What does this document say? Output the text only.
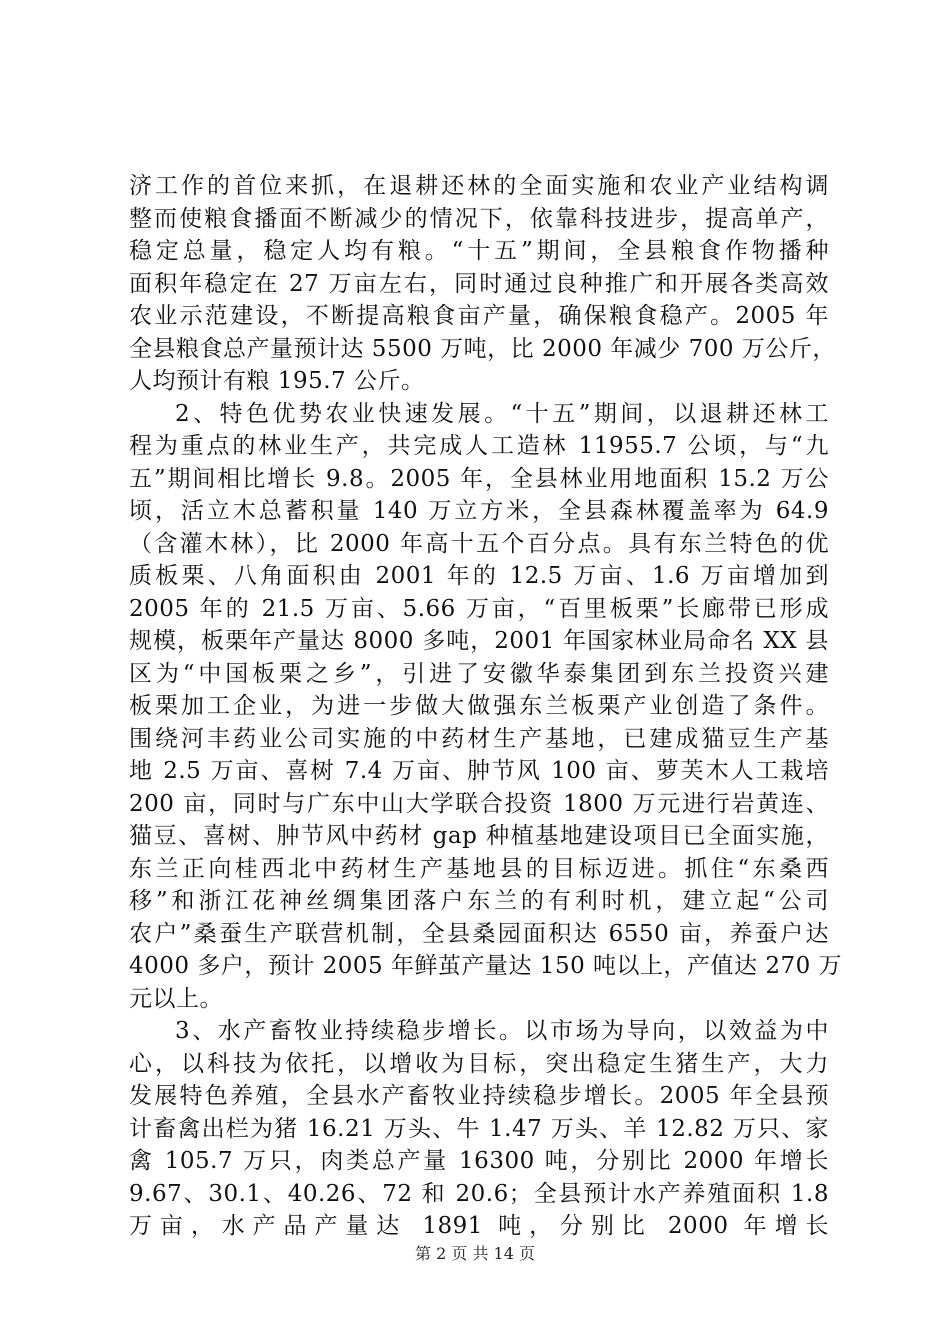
济工作的首位来抓，在退耕还林的全面实施和农业产业结构调
整而使粮食播面不断减少的情况下，依靠科技进步，提高单产，
稳定总量，稳定人均有粮。“十五”期间，全县粮食作物播种
面积年稳定在 27 万亩左右，同时通过良种推广和开展各类高效
农业示范建设，不断提高粮食亩产量，确保粮食稳产。2005 年
全县粮食总产量预计达 5500 万吨，比 2000 年减少 700 万公斤，
人均预计有粮 195.7 公斤。
2、特色优势农业快速发展。“十五”期间，以退耕还林工
程为重点的林业生产，共完成人工造林 11955.7 公顷，与“九
五”期间相比增长 9.8。2005 年，全县林业用地面积 15.2 万公
顷，活立木总蓄积量 140 万立方米，全县森林覆盖率为 64.9
（含灌木林），比 2000 年高十五个百分点。具有东兰特色的优
质板栗、八角面积由 2001 年的 12.5 万亩、1.6 万亩增加到
2005 年的 21.5 万亩、5.66 万亩，“百里板栗”长廊带已形成
规模，板栗年产量达 8000 多吨，2001 年国家林业局命名 XX 县
区为“中国板栗之乡”，引进了安徽华泰集团到东兰投资兴建
板栗加工企业，为进一步做大做强东兰板栗产业创造了条件。
围绕河丰药业公司实施的中药材生产基地，已建成猫豆生产基
地 2.5 万亩、喜树 7.4 万亩、肿节风 100 亩、萝芙木人工栽培
200 亩，同时与广东中山大学联合投资 1800 万元进行岩黄连、
猫豆、喜树、肿节风中药材 gap 种植基地建设项目已全面实施，
东兰正向桂西北中药材生产基地县的目标迈进。抓住“东桑西
移”和浙江花神丝绸集团落户东兰的有利时机，建立起“公司
农户”桑蚕生产联营机制，全县桑园面积达 6550 亩，养蚕户达
4000 多户，预计 2005 年鲜茧产量达 150 吨以上，产值达 270 万
元以上。
3、水产畜牧业持续稳步增长。以市场为导向，以效益为中
心，以科技为依托，以增收为目标，突出稳定生猪生产，大力
发展特色养殖，全县水产畜牧业持续稳步增长。2005 年全县预
计畜禽出栏为猪 16.21 万头、牛 1.47 万头、羊 12.82 万只、家
禽 105.7 万只，肉类总产量 16300 吨，分别比 2000 年增长
9.67、30.1、40.26、72 和 20.6；全县预计水产养殖面积 1.8
万亩，水产品产量达 1891 吨，分别比 2000 年增长
第 2 页 共 14 页
